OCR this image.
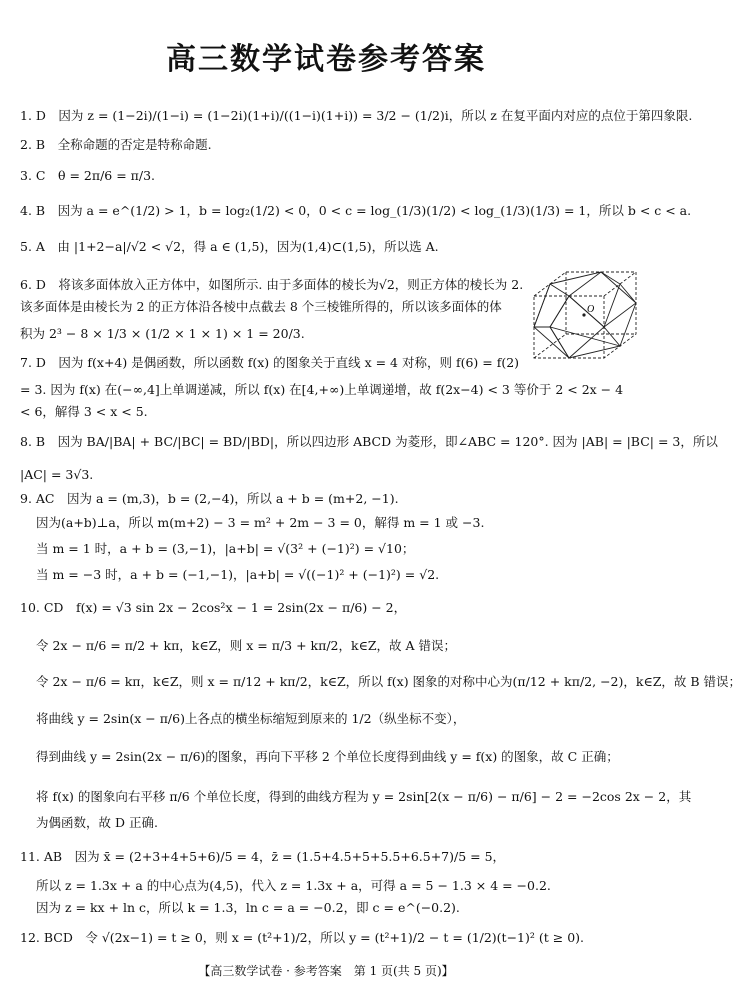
高三数学试卷参考答案
1. D　因为 z = (1−2i)/(1−i) = (1−2i)(1+i)/((1−i)(1+i)) = 3/2 − (1/2)i，所以 z 在复平面内对应的点位于第四象限.
2. B　全称命题的否定是特称命题.
3. C　θ = 2π/6 = π/3.
4. B　因为 a = e^(1/2) > 1，b = log₂(1/2) < 0，0 < c = log_(1/3)(1/2) < log_(1/3)(1/3) = 1，所以 b < c < a.
5. A　由 |1+2−a|/√2 < √2，得 a ∈ (1,5)，因为(1,4)⊂(1,5)，所以选 A.
6. D　将该多面体放入正方体中，如图所示. 由于多面体的棱长为√2，则正方体的棱长为 2.
该多面体是由棱长为 2 的正方体沿各棱中点截去 8 个三棱锥所得的，所以该多面体的体
积为 2³ − 8 × 1/3 × (1/2 × 1 × 1) × 1 = 20/3.
7. D　因为 f(x+4) 是偶函数，所以函数 f(x) 的图象关于直线 x = 4 对称，则 f(6) = f(2)
= 3. 因为 f(x) 在(−∞,4]上单调递减，所以 f(x) 在[4,+∞)上单调递增，故 f(2x−4) < 3 等价于 2 < 2x − 4
< 6，解得 3 < x < 5.
8. B　因为 BA/|BA| + BC/|BC| = BD/|BD|，所以四边形 ABCD 为菱形，即∠ABC = 120°. 因为 |AB| = |BC| = 3，所以
|AC| = 3√3.
9. AC　因为 a = (m,3)，b = (2,−4)，所以 a + b = (m+2, −1).
因为(a+b)⊥a，所以 m(m+2) − 3 = m² + 2m − 3 = 0，解得 m = 1 或 −3.
当 m = 1 时，a + b = (3,−1)，|a+b| = √(3² + (−1)²) = √10；
当 m = −3 时，a + b = (−1,−1)，|a+b| = √((−1)² + (−1)²) = √2.
10. CD　f(x) = √3 sin 2x − 2cos²x − 1 = 2sin(2x − π/6) − 2，
令 2x − π/6 = π/2 + kπ，k∈Z，则 x = π/3 + kπ/2，k∈Z，故 A 错误；
令 2x − π/6 = kπ，k∈Z，则 x = π/12 + kπ/2，k∈Z，所以 f(x) 图象的对称中心为(π/12 + kπ/2, −2)，k∈Z，故 B 错误；
将曲线 y = 2sin(x − π/6)上各点的横坐标缩短到原来的 1/2（纵坐标不变），
得到曲线 y = 2sin(2x − π/6)的图象，再向下平移 2 个单位长度得到曲线 y = f(x) 的图象，故 C 正确；
将 f(x) 的图象向右平移 π/6 个单位长度，得到的曲线方程为 y = 2sin[2(x − π/6) − π/6] − 2 = −2cos 2x − 2，其
为偶函数，故 D 正确.
11. AB　因为 x̄ = (2+3+4+5+6)/5 = 4，z̄ = (1.5+4.5+5+5.5+6.5+7)/5 = 5，
所以 z = 1.3x + a 的中心点为(4,5)，代入 z = 1.3x + a，可得 a = 5 − 1.3 × 4 = −0.2.
因为 z = kx + ln c，所以 k = 1.3，ln c = a = −0.2，即 c = e^(−0.2).
12. BCD　令 √(2x−1) = t ≥ 0，则 x = (t²+1)/2，所以 y = (t²+1)/2 − t = (1/2)(t−1)² (t ≥ 0).
O
【高三数学试卷 · 参考答案　第 1 页(共 5 页)】
